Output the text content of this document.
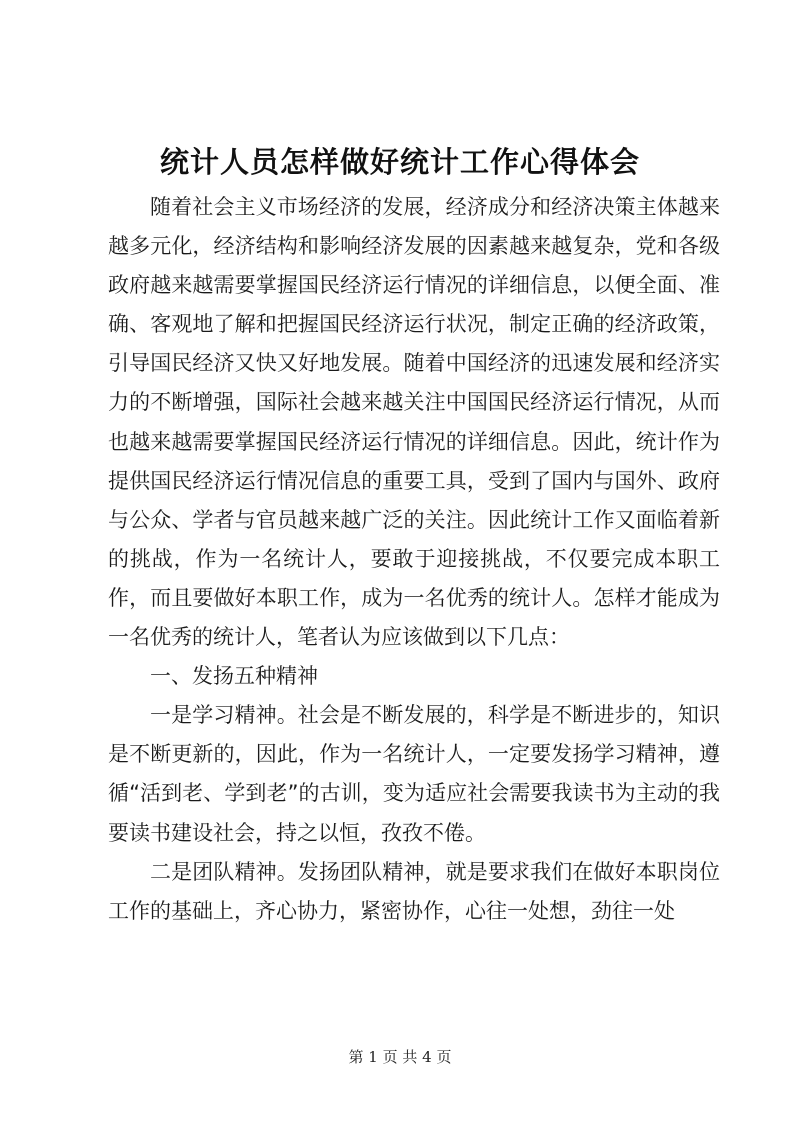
统计人员怎样做好统计工作心得体会

随着社会主义市场经济的发展，经济成分和经济决策主体越来越多元化，经济结构和影响经济发展的因素越来越复杂，党和各级政府越来越需要掌握国民经济运行情况的详细信息，以便全面、准确、客观地了解和把握国民经济运行状况，制定正确的经济政策，引导国民经济又快又好地发展。随着中国经济的迅速发展和经济实力的不断增强，国际社会越来越关注中国国民经济运行情况，从而也越来越需要掌握国民经济运行情况的详细信息。因此，统计作为提供国民经济运行情况信息的重要工具，受到了国内与国外、政府与公众、学者与官员越来越广泛的关注。因此统计工作又面临着新的挑战，作为一名统计人，要敢于迎接挑战，不仅要完成本职工作，而且要做好本职工作，成为一名优秀的统计人。怎样才能成为一名优秀的统计人，笔者认为应该做到以下几点：

一、发扬五种精神

一是学习精神。社会是不断发展的，科学是不断进步的，知识是不断更新的，因此，作为一名统计人，一定要发扬学习精神，遵循“活到老、学到老”的古训，变为适应社会需要我读书为主动的我要读书建设社会，持之以恒，孜孜不倦。

二是团队精神。发扬团队精神，就是要求我们在做好本职岗位工作的基础上，齐心协力，紧密协作，心往一处想，劲往一处

第 1 页 共 4 页
